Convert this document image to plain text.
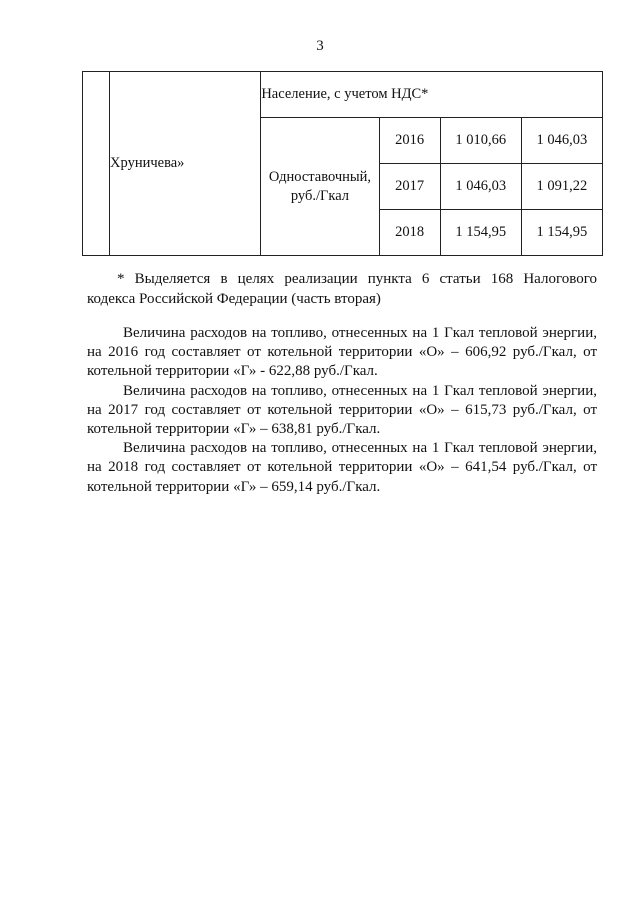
3
	Хруничева»	Население, с учетом НДС*			
		Одноставочный, руб./Гкал	2016	1 010,66	1 046,03
			2017	1 046,03	1 091,22
			2018	1 154,95	1 154,95
* Выделяется в целях реализации пункта 6 статьи 168 Налогового
кодекса Российской Федерации (часть вторая)

Величина расходов на топливо, отнесенных на 1 Гкал тепловой энергии,
на 2016 год составляет от котельной территории «О» – 606,92 руб./Гкал, от
котельной территории «Г» - 622,88 руб./Гкал.

Величина расходов на топливо, отнесенных на 1 Гкал тепловой энергии,
на 2017 год составляет от котельной территории «О» – 615,73 руб./Гкал, от
котельной территории «Г» – 638,81 руб./Гкал.

Величина расходов на топливо, отнесенных на 1 Гкал тепловой энергии,
на 2018 год составляет от котельной территории «О» – 641,54 руб./Гкал, от
котельной территории «Г» – 659,14 руб./Гкал.
